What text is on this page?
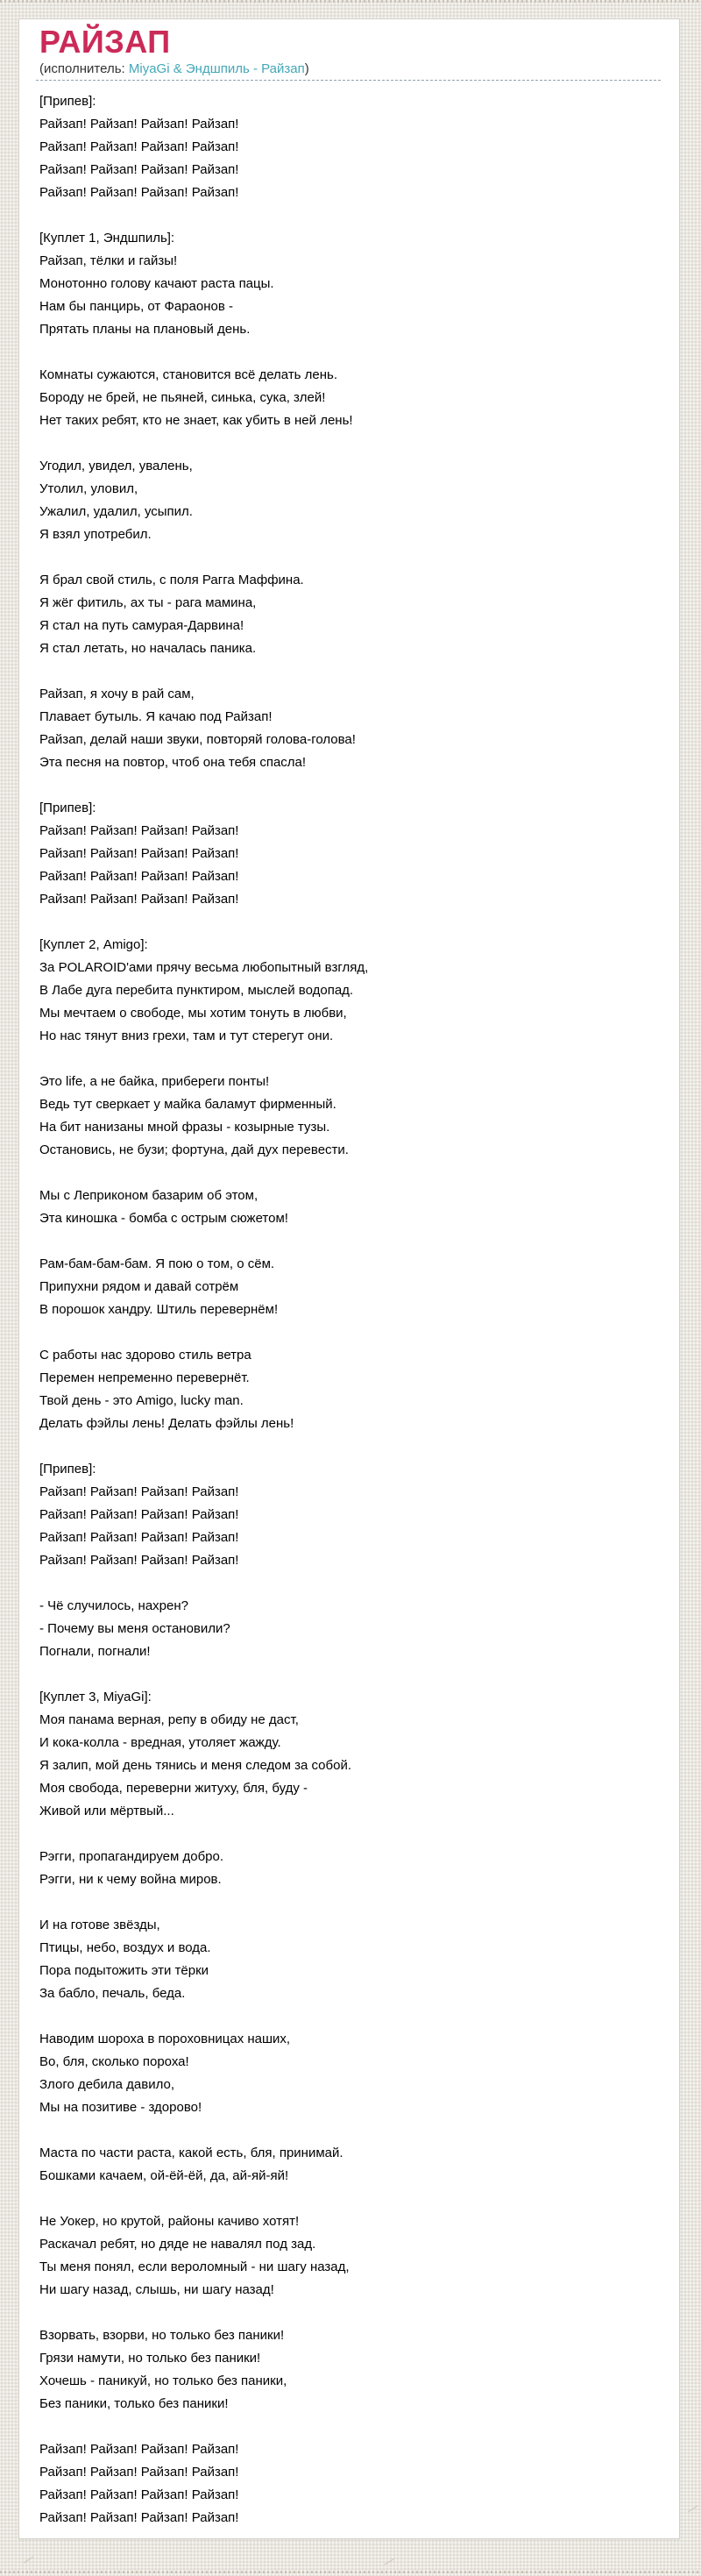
РАЙЗАП
(исполнитель: MiyaGi & Эндшпиль - Райзап)

[Припев]:
Райзап! Райзап! Райзап! Райзап!
Райзап! Райзап! Райзап! Райзап!
Райзап! Райзап! Райзап! Райзап!
Райзап! Райзап! Райзап! Райзап!

[Куплет 1, Эндшпиль]:
Райзап, тёлки и гайзы!
Монотонно голову качают раста пацы.
Нам бы панцирь, от Фараонов -
Прятать планы на плановый день.

Комнаты сужаются, становится всё делать лень.
Бороду не брей, не пьяней, синька, сука, злей!
Нет таких ребят, кто не знает, как убить в ней лень!

Угодил, увидел, увалень,
Утолил, уловил,
Ужалил, удалил, усыпил.
Я взял употребил.

Я брал свой стиль, с поля Рагга Маффина.
Я жёг фитиль, ах ты - рага мамина,
Я стал на путь самурая-Дарвина!
Я стал летать, но началась паника.

Райзап, я хочу в рай сам,
Плавает бутыль. Я качаю под Райзап!
Райзап, делай наши звуки, повторяй голова-голова!
Эта песня на повтор, чтоб она тебя спасла!

[Припев]:
Райзап! Райзап! Райзап! Райзап!
Райзап! Райзап! Райзап! Райзап!
Райзап! Райзап! Райзап! Райзап!
Райзап! Райзап! Райзап! Райзап!

[Куплет 2, Amigo]:
За POLAROID'ами прячу весьма любопытный взгляд,
В Лабе дуга перебита пунктиром, мыслей водопад.
Мы мечтаем о свободе, мы хотим тонуть в любви,
Но нас тянут вниз грехи, там и тут стерегут они.

Это life, а не байка, прибереги понты!
Ведь тут сверкает у майка баламут фирменный.
На бит нанизаны мной фразы - козырные тузы.
Остановись, не бузи; фортуна, дай дух перевести.

Мы с Леприконом базарим об этом,
Эта киношка - бомба с острым сюжетом!

Рам-бам-бам-бам. Я пою о том, о сём.
Припухни рядом и давай сотрём
В порошок хандру. Штиль перевернём!

С работы нас здорово стиль ветра
Перемен непременно перевернёт.
Твой день - это Amigo, lucky man.
Делать фэйлы лень! Делать фэйлы лень!

[Припев]:
Райзап! Райзап! Райзап! Райзап!
Райзап! Райзап! Райзап! Райзап!
Райзап! Райзап! Райзап! Райзап!
Райзап! Райзап! Райзап! Райзап!

- Чё случилось, нахрен?
- Почему вы меня остановили?
Погнали, погнали!

[Куплет 3, MiyaGi]:
Моя панама верная, репу в обиду не даст,
И кока-колла - вредная, утоляет жажду.
Я залип, мой день тянись и меня следом за собой.
Моя свобода, переверни житуху, бля, буду -
Живой или мёртвый...

Рэгги, пропагандируем добро.
Рэгги, ни к чему война миров.

И на готове звёзды,
Птицы, небо, воздух и вода.
Пора подытожить эти тёрки
За бабло, печаль, беда.

Наводим шороха в пороховницах наших,
Во, бля, сколько пороха!
Злого дебила давило,
Мы на позитиве - здорово!

Маста по части раста, какой есть, бля, принимай.
Бошками качаем, ой-ёй-ёй, да, ай-яй-яй!

Не Уокер, но крутой, районы качиво хотят!
Раскачал ребят, но дяде не навалял под зад.
Ты меня понял, если вероломный - ни шагу назад,
Ни шагу назад, слышь, ни шагу назад!

Взорвать, взорви, но только без паники!
Грязи намути, но только без паники!
Хочешь - паникуй, но только без паники,
Без паники, только без паники!

Райзап! Райзап! Райзап! Райзап!
Райзап! Райзап! Райзап! Райзап!
Райзап! Райзап! Райзап! Райзап!
Райзап! Райзап! Райзап! Райзап!
